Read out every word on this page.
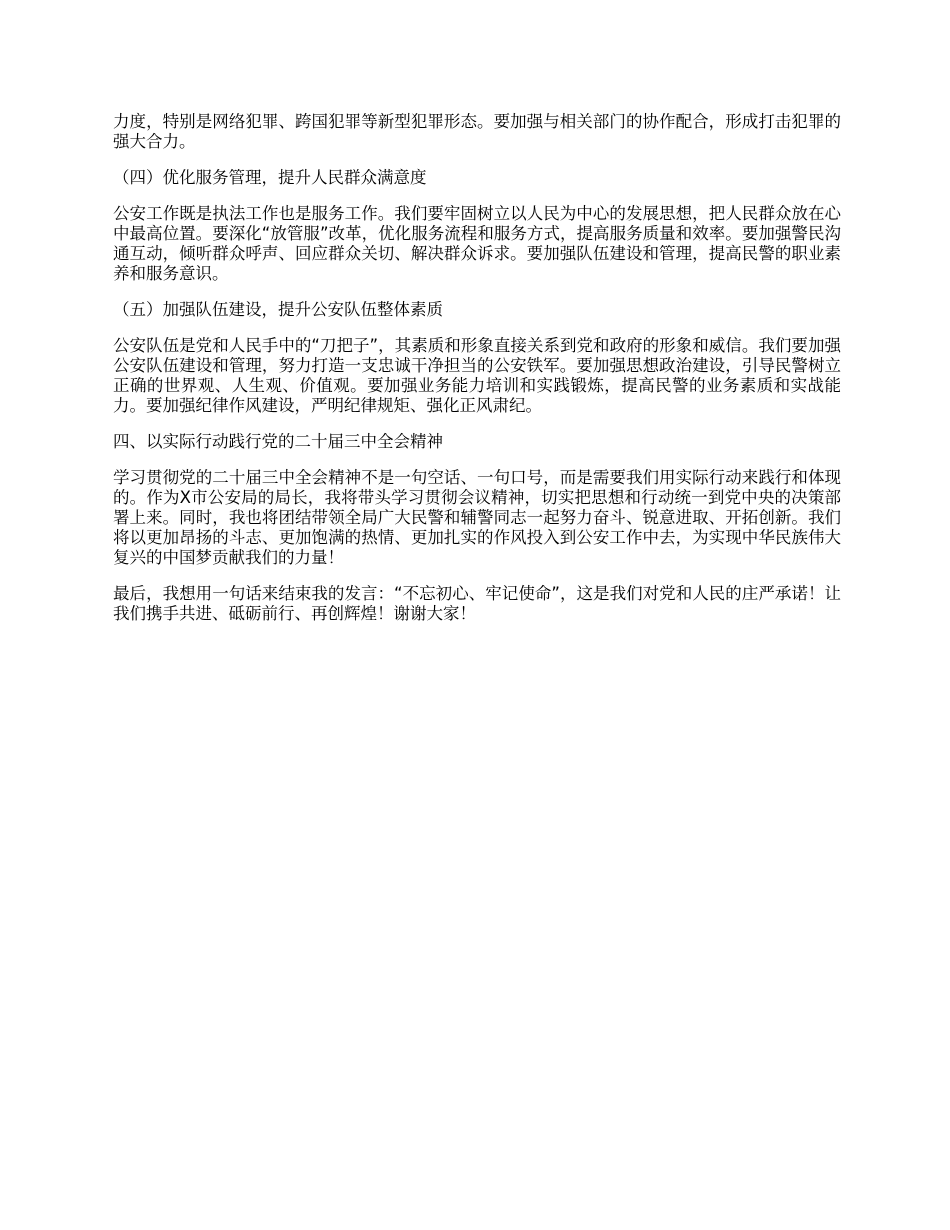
力度，特别是网络犯罪、跨国犯罪等新型犯罪形态。要加强与相关部门的协作配合，形成打击犯罪的强大合力。

（四）优化服务管理，提升人民群众满意度

公安工作既是执法工作也是服务工作。我们要牢固树立以人民为中心的发展思想，把人民群众放在心中最高位置。要深化“放管服”改革，优化服务流程和服务方式，提高服务质量和效率。要加强警民沟通互动，倾听群众呼声、回应群众关切、解决群众诉求。要加强队伍建设和管理，提高民警的职业素养和服务意识。

（五）加强队伍建设，提升公安队伍整体素质

公安队伍是党和人民手中的“刀把子”，其素质和形象直接关系到党和政府的形象和威信。我们要加强公安队伍建设和管理，努力打造一支忠诚干净担当的公安铁军。要加强思想政治建设，引导民警树立正确的世界观、人生观、价值观。要加强业务能力培训和实践锻炼，提高民警的业务素质和实战能力。要加强纪律作风建设，严明纪律规矩、强化正风肃纪。

四、以实际行动践行党的二十届三中全会精神

学习贯彻党的二十届三中全会精神不是一句空话、一句口号，而是需要我们用实际行动来践行和体现的。作为X市公安局的局长，我将带头学习贯彻会议精神，切实把思想和行动统一到党中央的决策部署上来。同时，我也将团结带领全局广大民警和辅警同志一起努力奋斗、锐意进取、开拓创新。我们将以更加昂扬的斗志、更加饱满的热情、更加扎实的作风投入到公安工作中去，为实现中华民族伟大复兴的中国梦贡献我们的力量！

最后，我想用一句话来结束我的发言：“不忘初心、牢记使命”，这是我们对党和人民的庄严承诺！让我们携手共进、砥砺前行、再创辉煌！谢谢大家！
